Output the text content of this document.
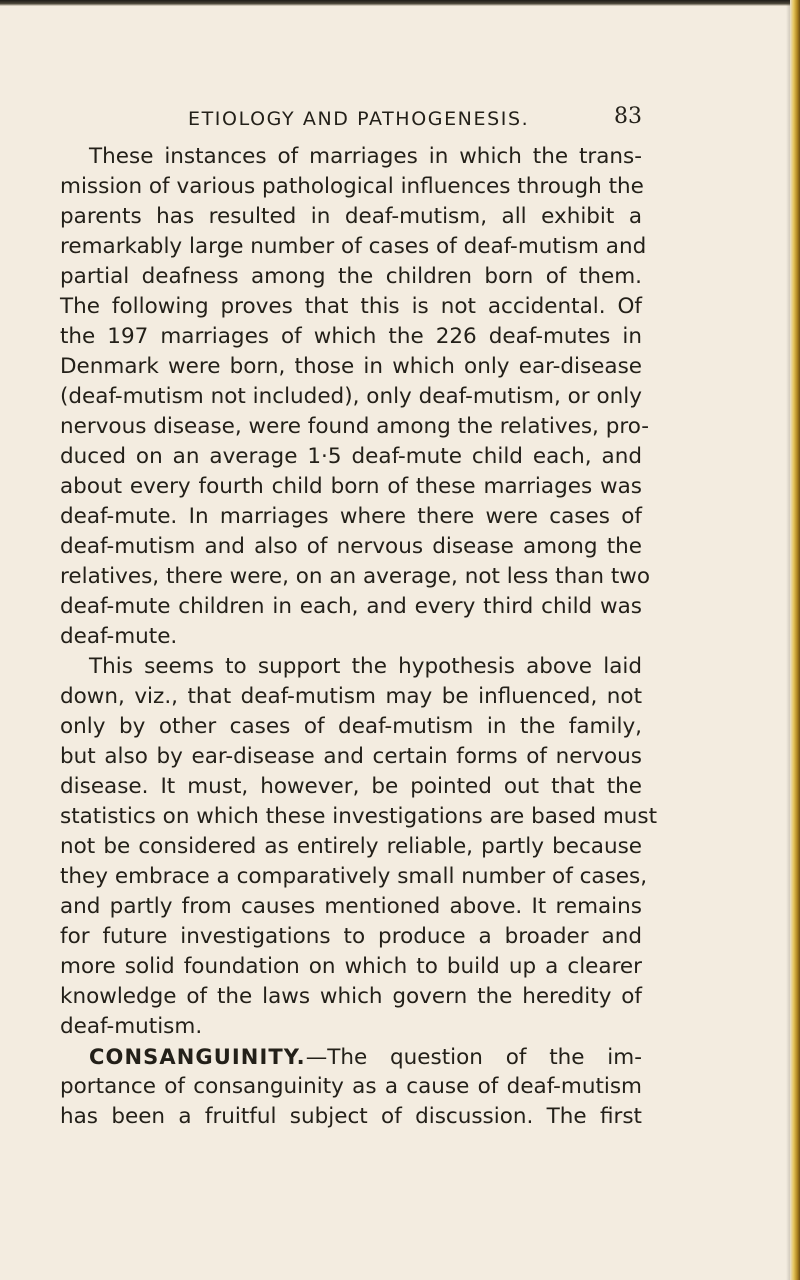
ETIOLOGY AND PATHOGENESIS.	83
These instances of marriages in which the trans-
mission of various pathological influences through the
parents has resulted in deaf-mutism, all exhibit a
remarkably large number of cases of deaf-mutism and
partial deafness among the children born of them.
The following proves that this is not accidental. Of
the 197 marriages of which the 226 deaf-mutes in
Denmark were born, those in which only ear-disease
(deaf-mutism not included), only deaf-mutism, or only
nervous disease, were found among the relatives, pro-
duced on an average 1·5 deaf-mute child each, and
about every fourth child born of these marriages was
deaf-mute. In marriages where there were cases of
deaf-mutism and also of nervous disease among the
relatives, there were, on an average, not less than two
deaf-mute children in each, and every third child was
deaf-mute.
This seems to support the hypothesis above laid
down, viz., that deaf-mutism may be influenced, not
only by other cases of deaf-mutism in the family,
but also by ear-disease and certain forms of nervous
disease. It must, however, be pointed out that the
statistics on which these investigations are based must
not be considered as entirely reliable, partly because
they embrace a comparatively small number of cases,
and partly from causes mentioned above. It remains
for future investigations to produce a broader and
more solid foundation on which to build up a clearer
knowledge of the laws which govern the heredity of
deaf-mutism.
CONSANGUINITY.—The question of the im-
portance of consanguinity as a cause of deaf-mutism
has been a fruitful subject of discussion. The first
